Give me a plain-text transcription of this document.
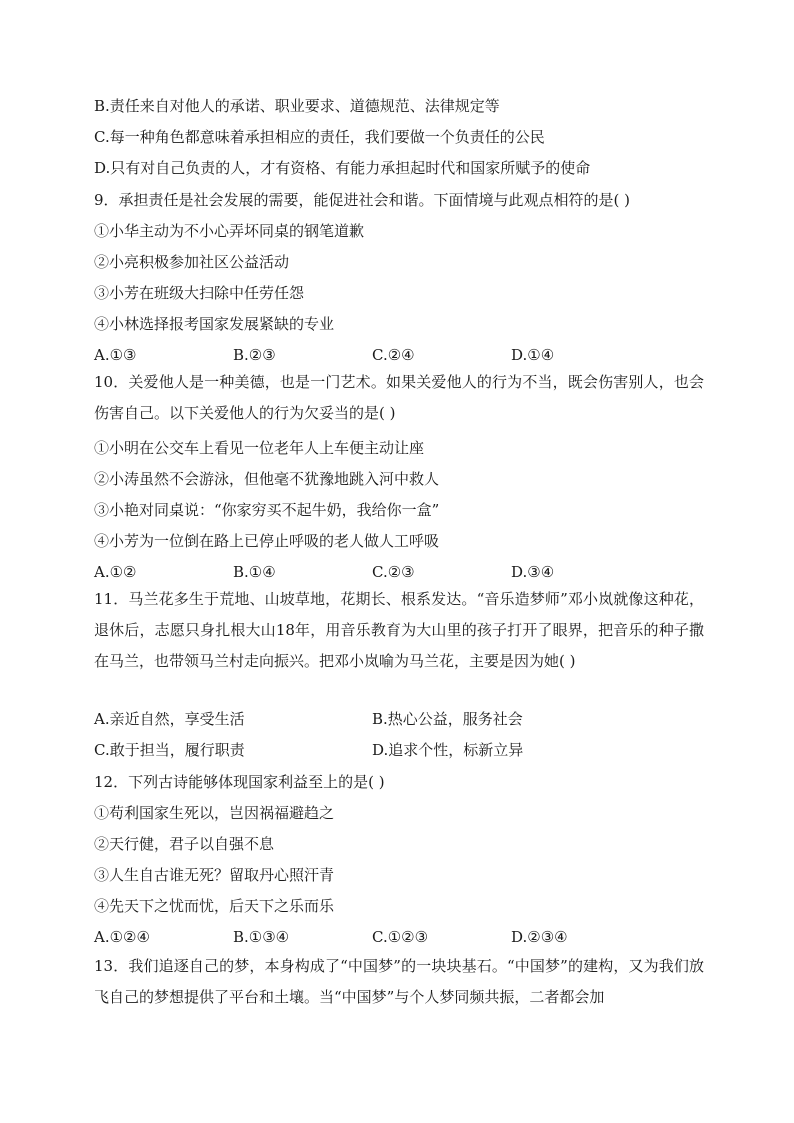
B.责任来自对他人的承诺、职业要求、道德规范、法律规定等
C.每一种角色都意味着承担相应的责任，我们要做一个负责任的公民
D.只有对自己负责的人，才有资格、有能力承担起时代和国家所赋予的使命
9．承担责任是社会发展的需要，能促进社会和谐。下面情境与此观点相符的是( )
①小华主动为不小心弄坏同桌的钢笔道歉
②小亮积极参加社区公益活动
③小芳在班级大扫除中任劳任怨
④小林选择报考国家发展紧缺的专业
A.①③	B.②③	C.②④	D.①④
10．关爱他人是一种美德，也是一门艺术。如果关爱他人的行为不当，既会伤害别人，也会伤害自己。以下关爱他人的行为欠妥当的是( )
①小明在公交车上看见一位老年人上车便主动让座
②小涛虽然不会游泳，但他毫不犹豫地跳入河中救人
③小艳对同桌说：“你家穷买不起牛奶，我给你一盒”
④小芳为一位倒在路上已停止呼吸的老人做人工呼吸
A.①②	B.①④	C.②③	D.③④
11．马兰花多生于荒地、山坡草地，花期长、根系发达。“音乐造梦师”邓小岚就像这种花，退休后，志愿只身扎根大山18年，用音乐教育为大山里的孩子打开了眼界，把音乐的种子撒在马兰，也带领马兰村走向振兴。把邓小岚喻为马兰花，主要是因为她( )
A.亲近自然，享受生活	B.热心公益，服务社会
C.敢于担当，履行职责	D.追求个性，标新立异
12．下列古诗能够体现国家利益至上的是( )
①苟利国家生死以，岂因祸福避趋之
②天行健，君子以自强不息
③人生自古谁无死？留取丹心照汗青
④先天下之忧而忧，后天下之乐而乐
A.①②④	B.①③④	C.①②③	D.②③④
13．我们追逐自己的梦，本身构成了“中国梦”的一块块基石。“中国梦”的建构，又为我们放飞自己的梦想提供了平台和土壤。当“中国梦”与个人梦同频共振，二者都会加
